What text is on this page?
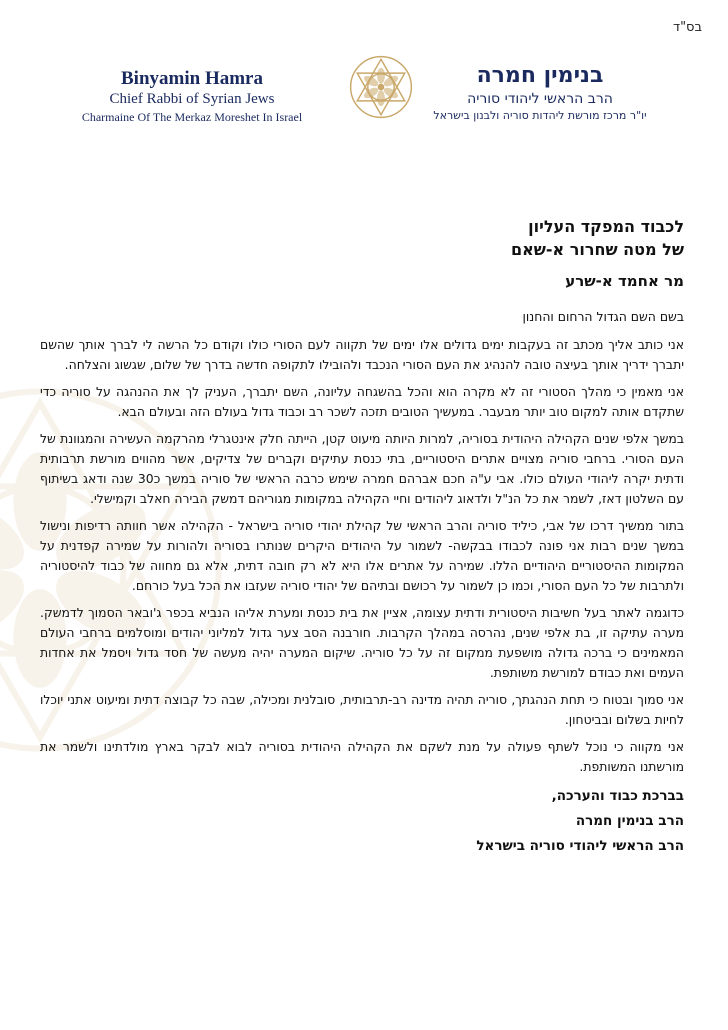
בס"ד
Binyamin Hamra
Chief Rabbi of Syrian Jews
Charmaine Of The Merkaz Moreshet In Israel
בנימין חמרה
הרב הראשי ליהודי סוריה
יו"ר מרכז מורשת ליהדות סוריה ולבנון בישראל

לכבוד המפקד העליון

של מטה שחרור א-שאם

מר אחמד א-שרע

בשם השם הגדול הרחום והחנון

אני כותב אליך מכתב זה בעקבות ימים גדולים אלו ימים של תקווה לעם הסורי כולו וקודם כל הרשה לי לברך אותך שהשם יתברך ידריך אותך בעיצה טובה להנהיג את העם הסורי הנכבד ולהובילו לתקופה חדשה בדרך של שלום, שגשוג והצלחה.

אני מאמין כי מהלך הסטורי זה לא מקרה הוא והכל בהשגחה עליונה, השם יתברך, העניק לך את ההנהגה על סוריה כדי שתקדם אותה למקום טוב יותר מבעבר. במעשיך הטובים תזכה לשכר רב וכבוד גדול בעולם הזה ובעולם הבא.

במשך אלפי שנים הקהילה היהודית בסוריה, למרות היותה מיעוט קטן, הייתה חלק אינטגרלי מהרקמה העשירה והמגוונת של העם הסורי. ברחבי סוריה מצויים אתרים היסטוריים, בתי כנסת עתיקים וקברים של צדיקים, אשר מהווים מורשת תרבותית ודתית יקרה ליהודי העולם כולו. אבי ע"ה חכם אברהם חמרה שימש כרבה הראשי של סוריה במשך כ30 שנה ודאג בשיתוף עם השלטון דאז, לשמר את כל הנ"ל ולדאוג ליהודים וחיי הקהילה במקומות מגוריהם דמשק הבירה חאלב וקמישלי.

בתור ממשיך דרכו של אבי, כיליד סוריה והרב הראשי של קהילת יהודי סוריה בישראל - הקהילה אשר חוותה רדיפות ונישול במשך שנים רבות אני פונה לכבודו בבקשה- לשמור על היהודים היקרים שנותרו בסוריה ולהורות על שמירה קפדנית על המקומות ההיסטוריים היהודיים הללו. שמירה על אתרים אלו היא לא רק חובה דתית, אלא גם מחווה של כבוד להיסטוריה ולתרבות של כל העם הסורי, וכמו כן לשמור על רכושם ובתיהם של יהודי סוריה שעזבו את הכל בעל כורחם.

כדוגמה לאתר בעל חשיבות היסטורית ודתית עצומה, אציין את בית כנסת ומערת אליהו הנביא בכפר ג'ובאר הסמוך לדמשק. מערה עתיקה זו, בת אלפי שנים, נהרסה במהלך הקרבות. חורבנה הסב צער גדול למליוני יהודים ומוסלמים ברחבי העולם המאמינים כי ברכה גדולה מושפעת ממקום זה על כל סוריה. שיקום המערה יהיה מעשה של חסד גדול ויסמל את אחדות העמים ואת כבודם למורשת משותפת.

אני סמוך ובטוח כי תחת הנהגתך, סוריה תהיה מדינה רב-תרבותית, סובלנית ומכילה, שבה כל קבוצה דתית ומיעוט אתני יוכלו לחיות בשלום ובביטחון.

אני מקווה כי נוכל לשתף פעולה על מנת לשקם את הקהילה היהודית בסוריה לבוא לבקר בארץ מולדתינו ולשמר את מורשתנו המשותפת.

בברכת כבוד והערכה,

הרב בנימין חמרה

הרב הראשי ליהודי סוריה בישראל
